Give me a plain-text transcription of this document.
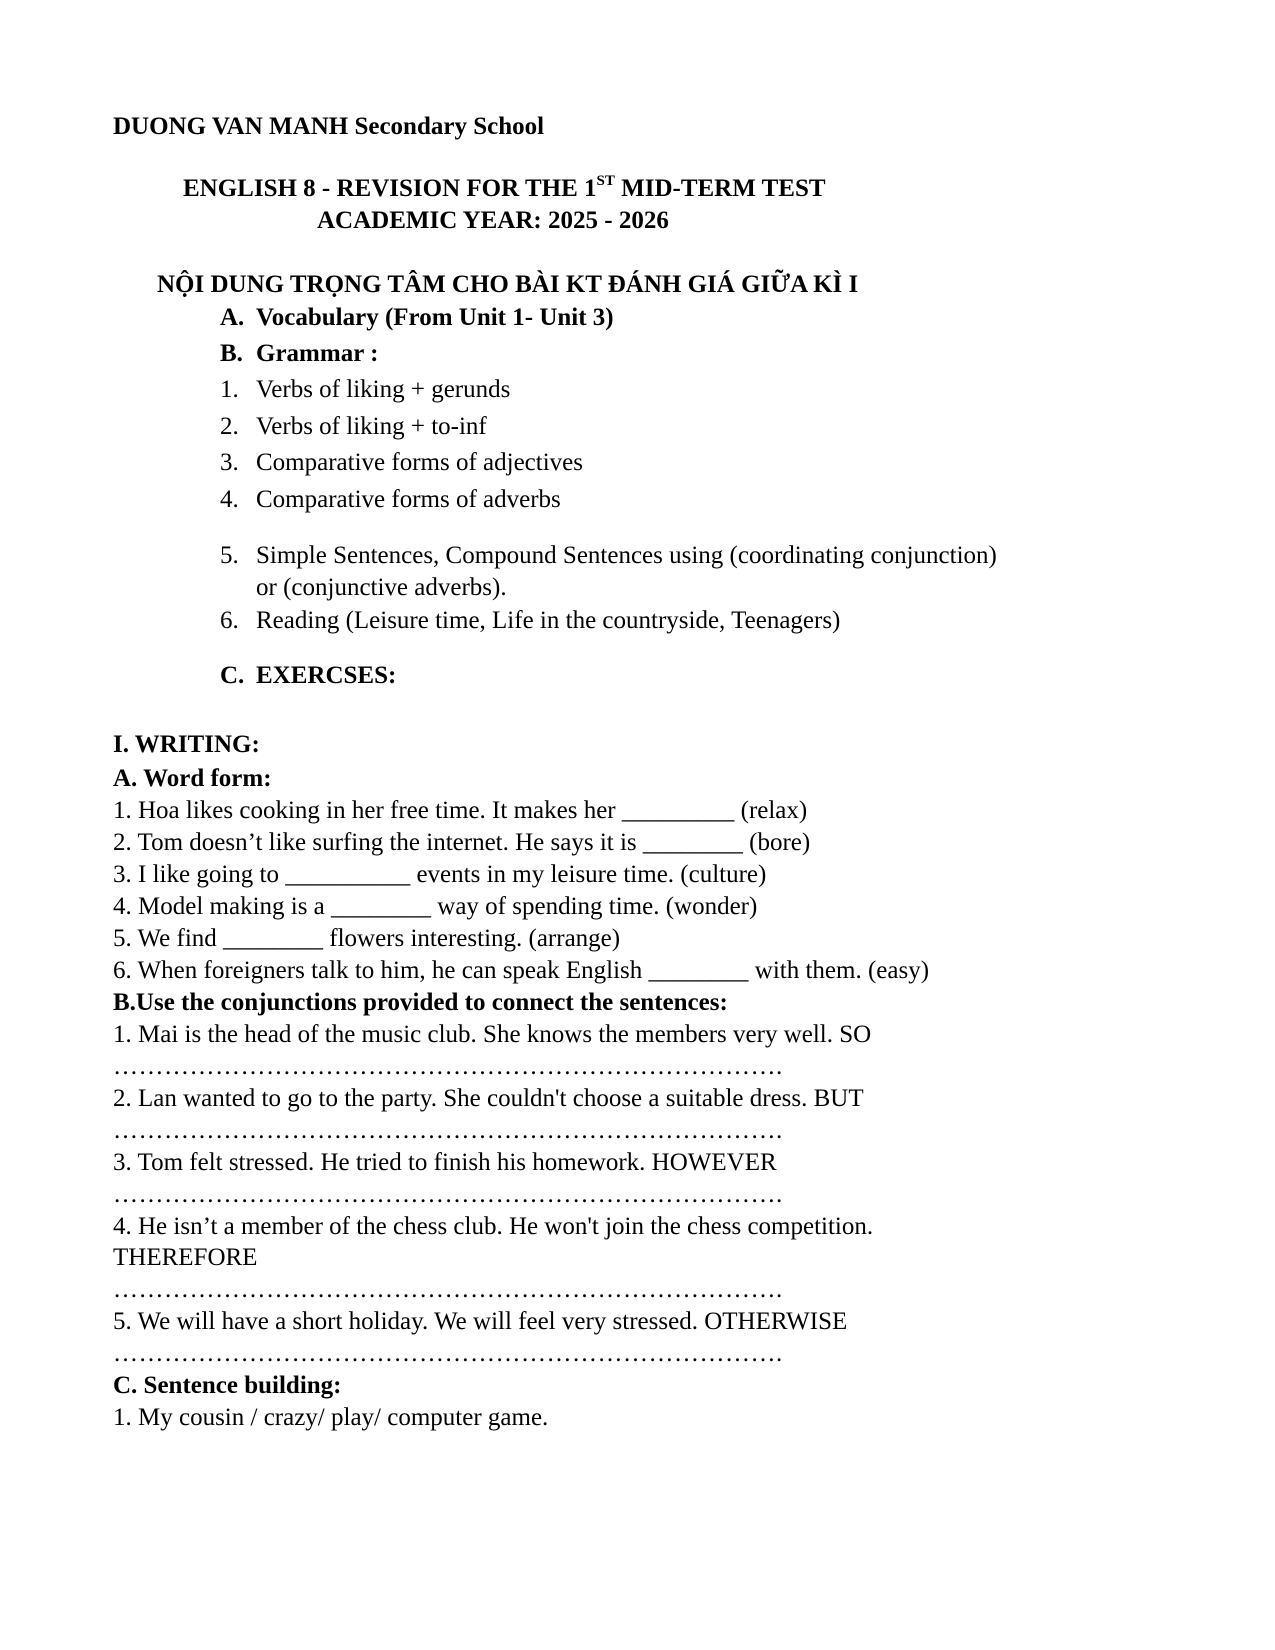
DUONG VAN MANH Secondary School
ENGLISH 8 - REVISION FOR THE 1ST MID-TERM TEST
ACADEMIC YEAR: 2025 - 2026
NỘI DUNG TRỌNG TÂM CHO BÀI KT ĐÁNH GIÁ GIỮA KÌ I
A. Vocabulary (From Unit 1- Unit 3)
B. Grammar :
1. Verbs of liking + gerunds
2. Verbs of liking + to-inf
3. Comparative forms of adjectives
4. Comparative forms of adverbs
5. Simple Sentences, Compound Sentences using (coordinating conjunction)
or (conjunctive adverbs).
6. Reading (Leisure time, Life in the countryside, Teenagers)
C. EXERCSES:
I. WRITING:
A. Word form:
1. Hoa likes cooking in her free time. It makes her _________ (relax)
2. Tom doesn’t like surfing the internet. He says it is ________ (bore)
3. I like going to __________ events in my leisure time. (culture)
4. Model making is a ________ way of spending time. (wonder)
5. We find ________ flowers interesting. (arrange)
6. When foreigners talk to him, he can speak English ________ with them. (easy)
B.Use the conjunctions provided to connect the sentences:
1. Mai is the head of the music club. She knows the members very well. SO
…………………………………………………………………….
2. Lan wanted to go to the party. She couldn't choose a suitable dress. BUT
…………………………………………………………………….
3. Tom felt stressed. He tried to finish his homework. HOWEVER
…………………………………………………………………….
4. He isn’t a member of the chess club. He won't join the chess competition.
THEREFORE
…………………………………………………………………….
5. We will have a short holiday. We will feel very stressed. OTHERWISE
…………………………………………………………………….
C. Sentence building:
1. My cousin / crazy/ play/ computer game.
